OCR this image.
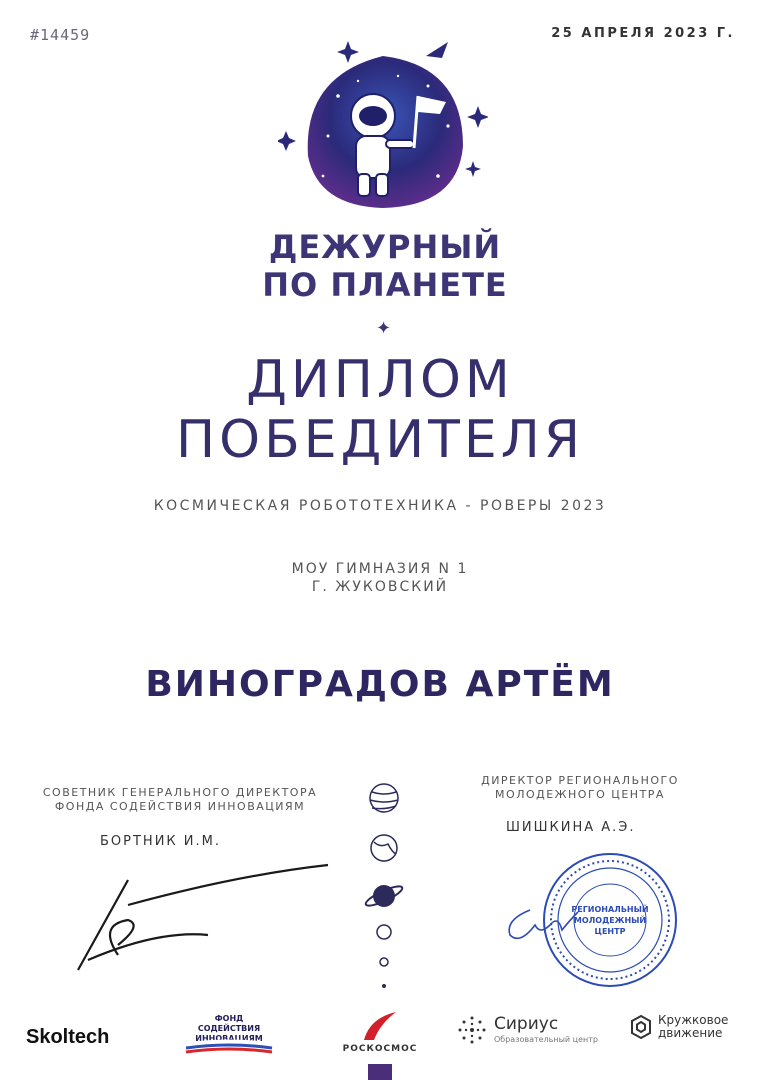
#14459	25 АПРЕЛЯ 2023 Г.
ДЕЖУРНЫЙ
ПО ПЛАНЕТЕ
✦
ДИПЛОМ
ПОБЕДИТЕЛЯ
КОСМИЧЕСКАЯ РОБОТОТЕХНИКА - РОВЕРЫ 2023
МОУ ГИМНАЗИЯ N 1
Г. ЖУКОВСКИЙ
ВИНОГРАДОВ АРТЁМ
СОВЕТНИК ГЕНЕРАЛЬНОГО ДИРЕКТОРА
ФОНДА СОДЕЙСТВИЯ ИННОВАЦИЯМ
БОРТНИК И.М.
ДИРЕКТОР РЕГИОНАЛЬНОГО
МОЛОДЕЖНОГО ЦЕНТРА
ШИШКИНА А.Э.
РЕГИОНАЛЬНЫЙ
МОЛОДЕЖНЫЙ
ЦЕНТР
Skoltech
ФОНД СОДЕЙСТВИЯ
ИННОВАЦИЯМ
РОСКОСМОС
Сириус
Образовательный центр
Кружковое
движение
